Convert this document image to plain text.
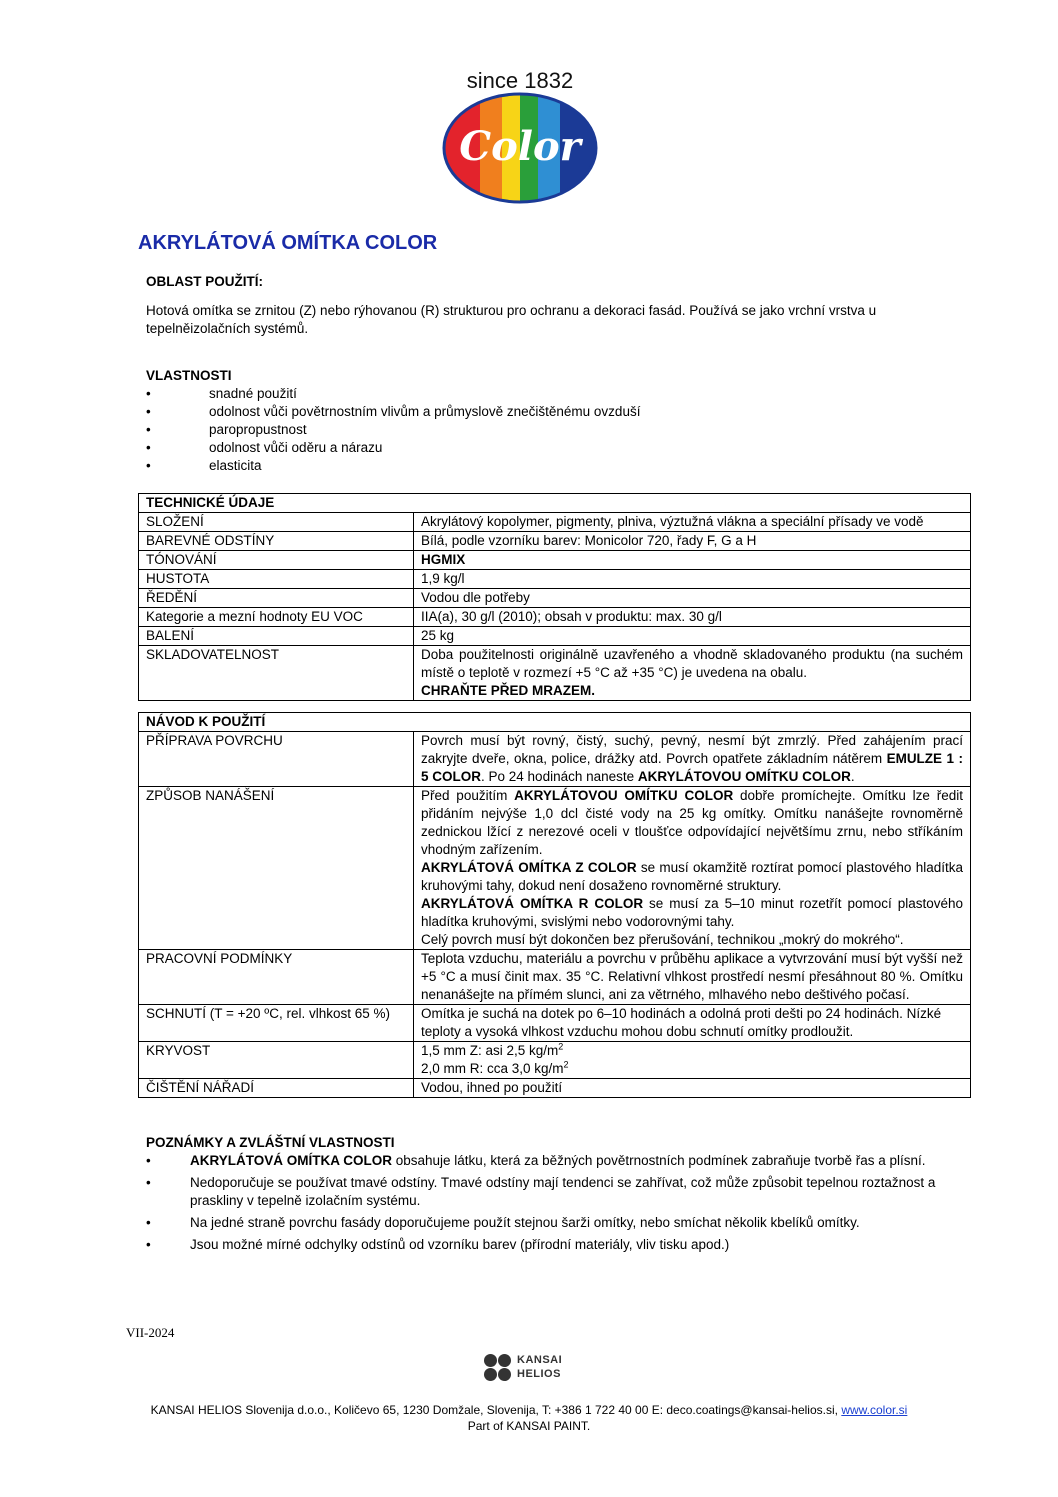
since 1832
Color
AKRYLÁTOVÁ OMÍTKA COLOR
OBLAST POUŽITÍ:

Hotová omítka se zrnitou (Z) nebo rýhovanou (R) strukturou pro ochranu a dekoraci fasád. Používá se jako vrchní vrstva u tepelněizolačních systémů.

VLASTNOSTI
• snadné použití
• odolnost vůči povětrnostním vlivům a průmyslově znečištěnému ovzduší
• paropropustnost
• odolnost vůči oděru a nárazu
• elasticita
TECHNICKÉ ÚDAJE	
SLOŽENÍ	Akrylátový kopolymer, pigmenty, plniva, výztužná vlákna a speciální přísady ve vodě
BAREVNÉ ODSTÍNY	Bílá, podle vzorníku barev: Monicolor 720, řady F, G a H
TÓNOVÁNÍ	HGMIX
HUSTOTA	1,9 kg/l
ŘEDĚNÍ	Vodou dle potřeby
Kategorie a mezní hodnoty EU VOC	IIA(a), 30 g/l (2010); obsah v produktu: max. 30 g/l
BALENÍ	25 kg
SKLADOVATELNOST	Doba použitelnosti originálně uzavřeného a vhodně skladovaného produktu (na suchém místě o teplotě v rozmezí +5 °C až +35 °C) je uvedena na obalu.
CHRAŇTE PŘED MRAZEM.
NÁVOD K POUŽITÍ	
PŘÍPRAVA POVRCHU	Povrch musí být rovný, čistý, suchý, pevný, nesmí být zmrzlý. Před zahájením prací zakryjte dveře, okna, police, drážky atd. Povrch opatřete základním nátěrem EMULZE 1 : 5 COLOR. Po 24 hodinách naneste AKRYLÁTOVOU OMÍTKU COLOR.
ZPŮSOB NANÁŠENÍ	Před použitím AKRYLÁTOVOU OMÍTKU COLOR dobře promíchejte. Omítku lze ředit přidáním nejvýše 1,0 dcl čisté vody na 25 kg omítky. Omítku nanášejte rovnoměrně zednickou lžící z nerezové oceli v tloušťce odpovídající největšímu zrnu, nebo stříkáním vhodným zařízením.
AKRYLÁTOVÁ OMÍTKA Z COLOR se musí okamžitě roztírat pomocí plastového hladítka kruhovými tahy, dokud není dosaženo rovnoměrné struktury.
AKRYLÁTOVÁ OMÍTKA R COLOR se musí za 5–10 minut rozetřít pomocí plastového hladítka kruhovými, svislými nebo vodorovnými tahy.
Celý povrch musí být dokončen bez přerušování, technikou „mokrý do mokrého“.
PRACOVNÍ PODMÍNKY	Teplota vzduchu, materiálu a povrchu v průběhu aplikace a vytvrzování musí být vyšší než +5 °C a musí činit max. 35 °C. Relativní vlhkost prostředí nesmí přesáhnout 80 %. Omítku nenanášejte na přímém slunci, ani za větrného, mlhavého nebo deštivého počasí.
SCHNUTÍ (T = +20 ºC, rel. vlhkost 65 %)	Omítka je suchá na dotek po 6–10 hodinách a odolná proti dešti po 24 hodinách. Nízké teploty a vysoká vlhkost vzduchu mohou dobu schnutí omítky prodloužit.
KRYVOST	1,5 mm Z: asi 2,5 $kg/m^2$
2,0 mm R: cca 3,0 $kg/m^2$
ČIŠTĚNÍ NÁŘADÍ	Vodou, ihned po použití
POZNÁMKY A ZVLÁŠTNÍ VLASTNOSTI
• AKRYLÁTOVÁ OMÍTKA COLOR obsahuje látku, která za běžných povětrnostních podmínek zabraňuje tvorbě řas a plísní.
• Nedoporučuje se používat tmavé odstíny. Tmavé odstíny mají tendenci se zahřívat, což může způsobit tepelnou roztažnost a praskliny v tepelně izolačním systému.
• Na jedné straně povrchu fasády doporučujeme použít stejnou šarži omítky, nebo smíchat několik kbelíků omítky.
• Jsou možné mírné odchylky odstínů od vzorníku barev (přírodní materiály, vliv tisku apod.)
VII-2024
KANSAI
HELIOS
KANSAI HELIOS Slovenija d.o.o., Količevo 65, 1230 Domžale, Slovenija, T: +386 1 722 40 00 E: deco.coatings@kansai-helios.si, www.color.si
Part of KANSAI PAINT.
